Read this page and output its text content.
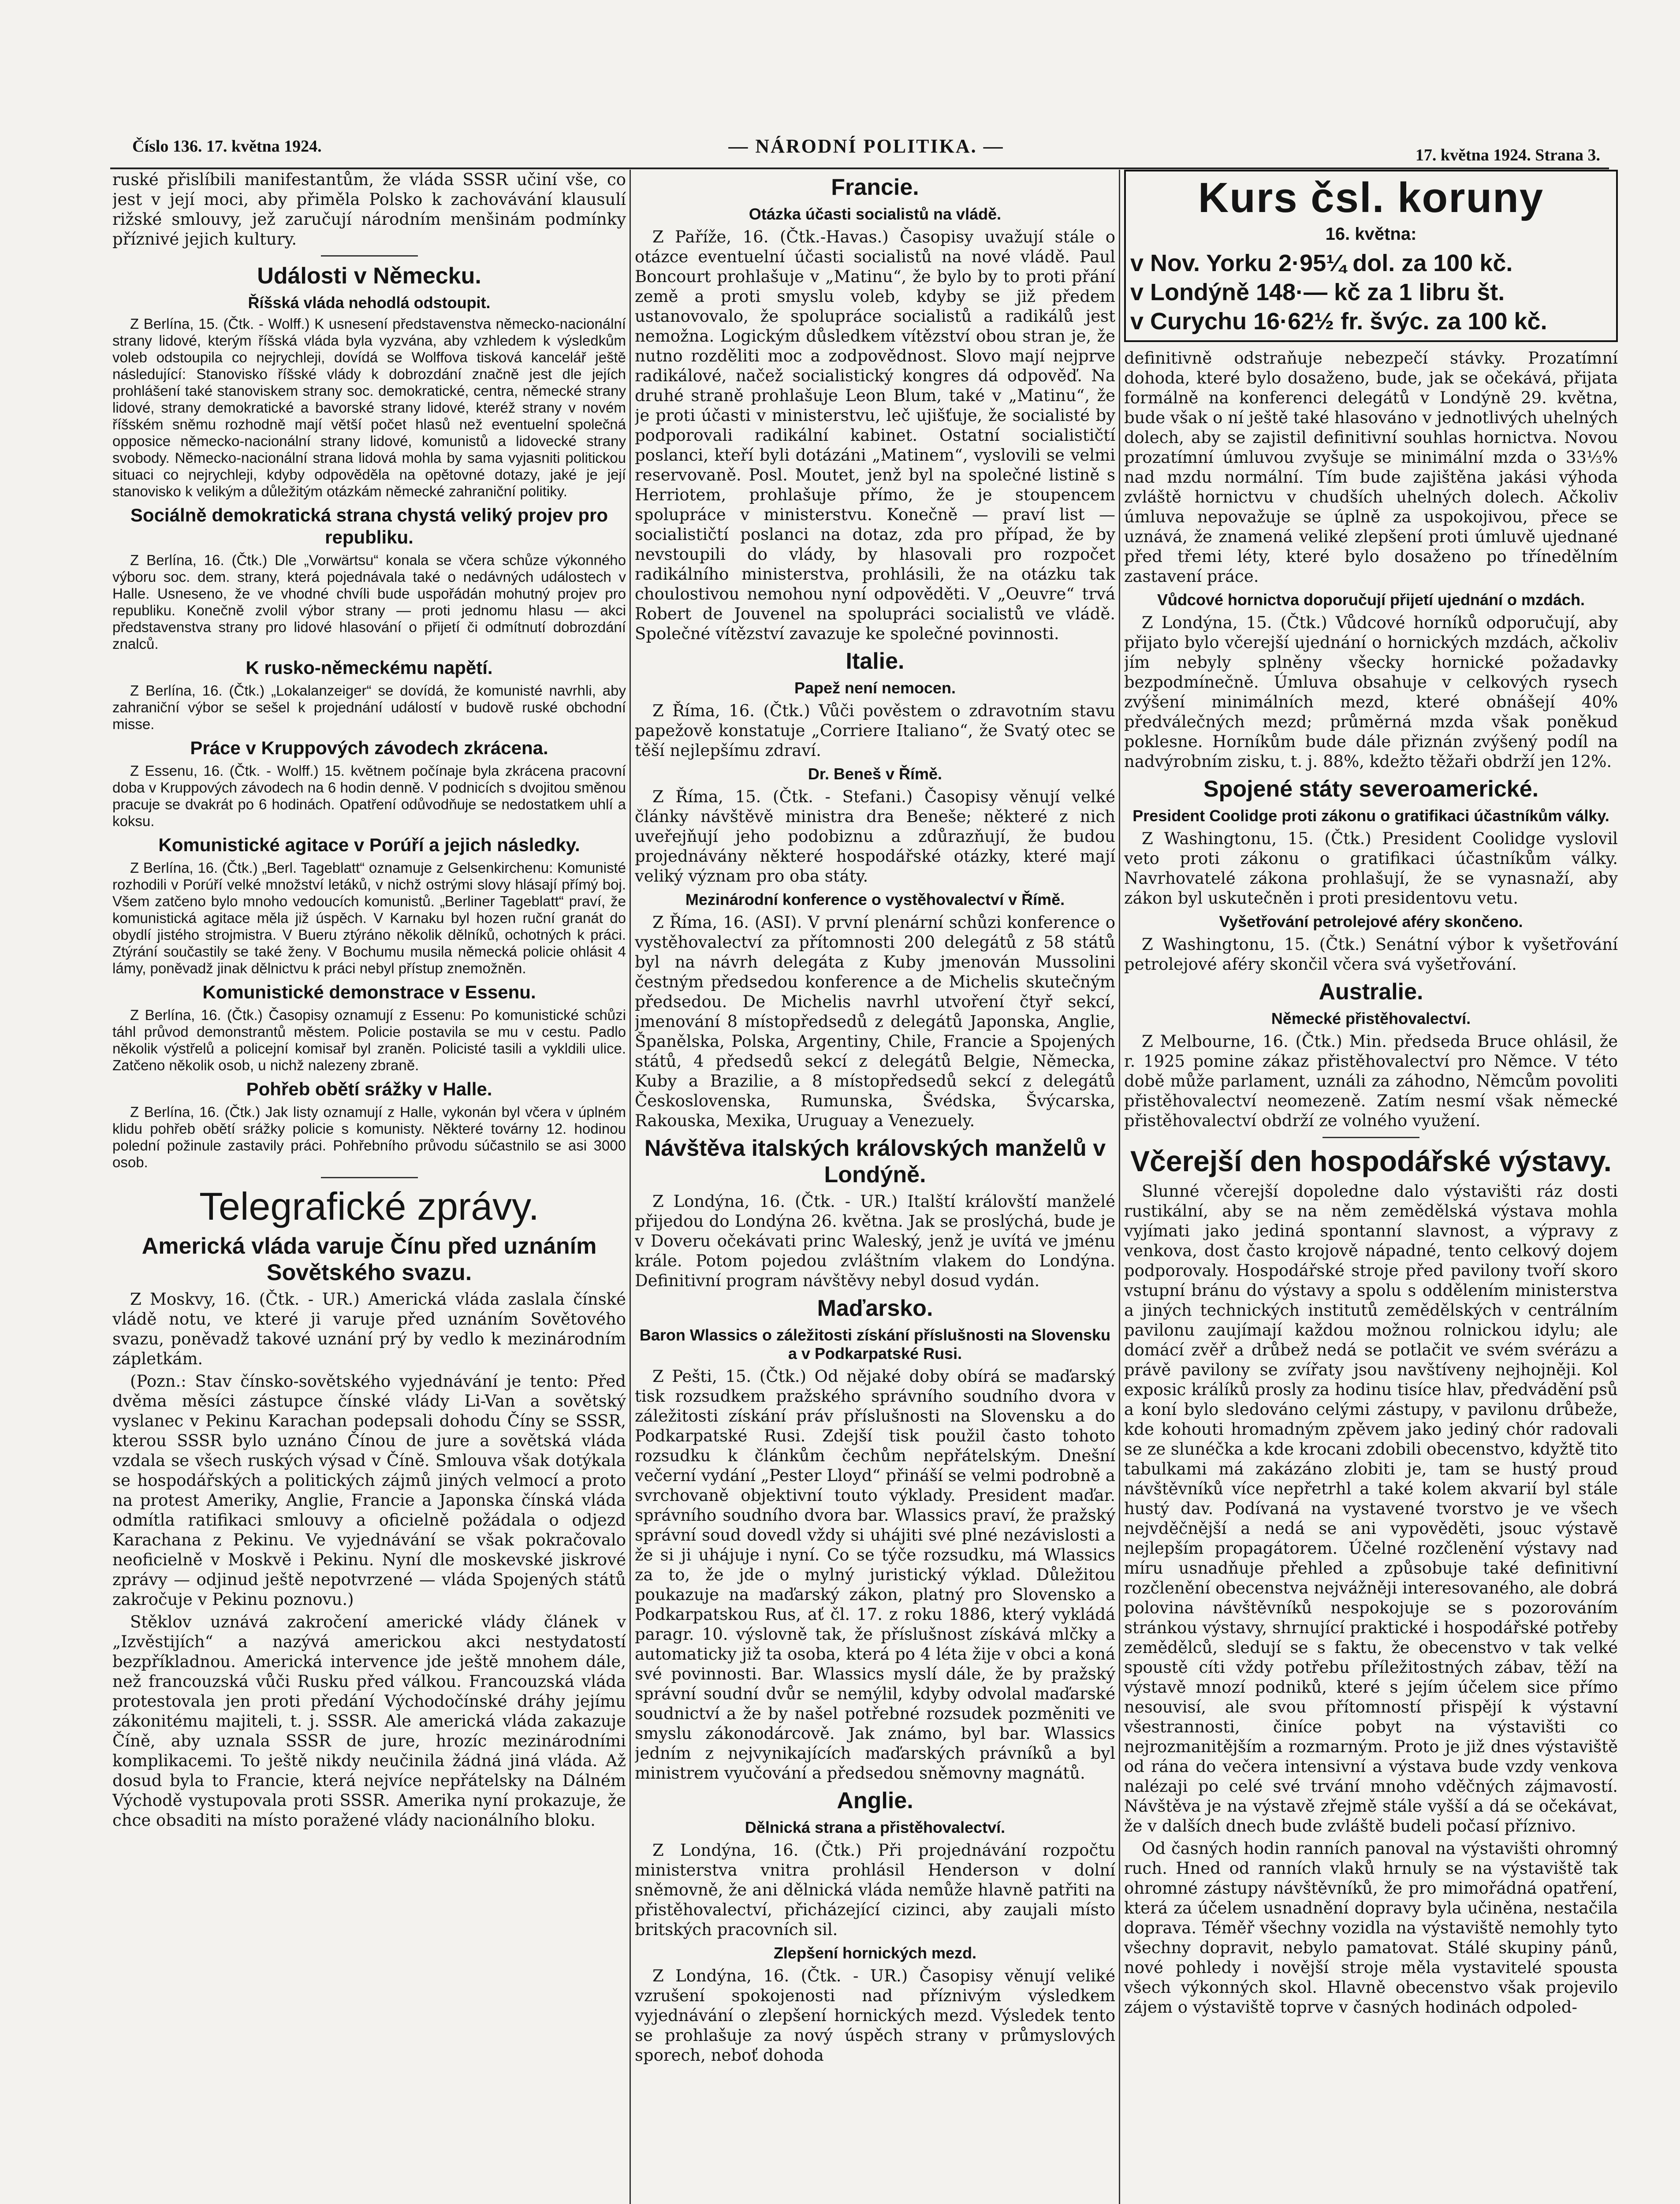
Číslo 136. 17. května 1924.	— NÁRODNÍ POLITIKA. —	17. května 1924. Strana 3.

ruské přislíbili manifestantům, že vláda SSSR učiní vše, co jest v její moci, aby přiměla Polsko k zachovávání klausulí rižské smlouvy, jež zaručují národním menšinám podmínky příznivé jejich kultury.

Události v Německu.
Říšská vláda nehodlá odstoupit.

Z Berlína, 15. (Čtk. - Wolff.) K usnesení představenstva německo-nacionální strany lidové, kterým říšská vláda byla vyzvána, aby vzhledem k výsledkům voleb odstoupila co nejrychleji, dovídá se Wolffova tisková kancelář ještě následující: Stanovisko říšské vlády k dobrozdání značně jest dle jejích prohlášení také stanoviskem strany soc. demokratické, centra, německé strany lidové, strany demokratické a bavorské strany lidové, kteréž strany v novém říšském sněmu rozhodně mají větší počet hlasů než eventuelní společná opposice německo-nacionální strany lidové, komunistů a lidovecké strany svobody. Německo-nacionální strana lidová mohla by sama vyjasniti politickou situaci co nejrychleji, kdyby odpověděla na opětovné dotazy, jaké je její stanovisko k velikým a důležitým otázkám německé zahraniční politiky.

Sociálně demokratická strana chystá veliký projev pro republiku.

Z Berlína, 16. (Čtk.) Dle „Vorwärtsu“ konala se včera schůze výkonného výboru soc. dem. strany, která pojednávala také o nedávných událostech v Halle. Usneseno, že ve vhodné chvíli bude uspořádán mohutný projev pro republiku. Konečně zvolil výbor strany — proti jednomu hlasu — akci představenstva strany pro lidové hlasování o přijetí či odmítnutí dobrozdání znalců.

K rusko-německému napětí.

Z Berlína, 16. (Čtk.) „Lokalanzeiger“ se dovídá, že komunisté navrhli, aby zahraniční výbor se sešel k projednání událostí v budově ruské obchodní misse.

Práce v Kruppových závodech zkrácena.

Z Essenu, 16. (Čtk. - Wolff.) 15. květnem počínaje byla zkrácena pracovní doba v Kruppových závodech na 6 hodin denně. V podnicích s dvojitou směnou pracuje se dvakrát po 6 hodinách. Opatření odůvodňuje se nedostatkem uhlí a koksu.

Komunistické agitace v Porúří a jejich následky.

Z Berlína, 16. (Čtk.) „Berl. Tageblatt“ oznamuje z Gelsenkirchenu: Komunisté rozhodili v Porúří velké množství letáků, v nichž ostrými slovy hlásají přímý boj. Všem zatčeno bylo mnoho vedoucích komunistů. „Berliner Tageblatt“ praví, že komunistická agitace měla již úspěch. V Karnaku byl hozen ruční granát do obydlí jistého strojmistra. V Bueru ztýráno několik dělníků, ochotných k práci. Ztýrání součastily se také ženy. V Bochumu musila německá policie ohlásit 4 lámy, poněvadž jinak dělnictvu k práci nebyl přístup znemožněn.

Komunistické demonstrace v Essenu.

Z Berlína, 16. (Čtk.) Časopisy oznamují z Essenu: Po komunistické schůzi táhl průvod demonstrantů městem. Policie postavila se mu v cestu. Padlo několik výstřelů a policejní komisař byl zraněn. Policisté tasili a vykldili ulice. Zatčeno několik osob, u nichž nalezeny zbraně.

Pohřeb obětí srážky v Halle.

Z Berlína, 16. (Čtk.) Jak listy oznamují z Halle, vykonán byl včera v úplném klidu pohřeb obětí srážky policie s komunisty. Některé továrny 12. hodinou polední požinule zastavily práci. Pohřebního průvodu súčastnilo se asi 3000 osob.

Telegrafické zprávy.
Americká vláda varuje Čínu před uznáním Sovětského svazu.

Z Moskvy, 16. (Čtk. - UR.) Americká vláda zaslala čínské vládě notu, ve které ji varuje před uznáním Sovětového svazu, poněvadž takové uznání prý by vedlo k mezinárodním zápletkám.

(Pozn.: Stav čínsko-sovětského vyjednávání je tento: Před dvěma měsíci zástupce čínské vlády Li-Van a sovětský vyslanec v Pekinu Karachan podepsali dohodu Číny se SSSR, kterou SSSR bylo uznáno Čínou de jure a sovětská vláda vzdala se všech ruských výsad v Číně. Smlouva však dotýkala se hospodářských a politických zájmů jiných velmocí a proto na protest Ameriky, Anglie, Francie a Japonska čínská vláda odmítla ratifikaci smlouvy a oficielně požádala o odjezd Karachana z Pekinu. Ve vyjednávání se však pokračovalo neoficielně v Moskvě i Pekinu. Nyní dle moskevské jiskrové zprávy — odjinud ještě nepotvrzené — vláda Spojených států zakročuje v Pekinu poznovu.)

Stěklov uznává zakročení americké vlády článek v „Izvěstijích“ a nazývá americkou akci nestydatostí bezpříkladnou. Americká intervence jde ještě mnohem dále, než francouzská vůči Rusku před válkou. Francouzská vláda protestovala jen proti předání Východočínské dráhy jejímu zákonitému majiteli, t. j. SSSR. Ale americká vláda zakazuje Číně, aby uznala SSSR de jure, hrozíc mezinárodními komplikacemi. To ještě nikdy neučinila žádná jiná vláda. Až dosud byla to Francie, která nejvíce nepřátelsky na Dálném Východě vystupovala proti SSSR. Amerika nyní prokazuje, že chce obsaditi na místo poražené vlády nacionálního bloku.

Francie.
Otázka účasti socialistů na vládě.

Z Paříže, 16. (Čtk.-Havas.) Časopisy uvažují stále o otázce eventuelní účasti socialistů na nové vládě. Paul Boncourt prohlašuje v „Matinu“, že bylo by to proti přání země a proti smyslu voleb, kdyby se již předem ustanovovalo, že spolupráce socialistů a radikálů jest nemožna. Logickým důsledkem vítězství obou stran je, že nutno rozděliti moc a zodpovědnost. Slovo mají nejprve radikálové, načež socialistický kongres dá odpověď. Na druhé straně prohlašuje Leon Blum, také v „Matinu“, že je proti účasti v ministerstvu, leč ujišťuje, že socialisté by podporovali radikální kabinet. Ostatní socialističtí poslanci, kteří byli dotázáni „Matinem“, vyslovili se velmi reservovaně. Posl. Moutet, jenž byl na společné listině s Herriotem, prohlašuje přímo, že je stoupencem spolupráce v ministerstvu. Konečně — praví list — socialističtí poslanci na dotaz, zda pro případ, že by nevstoupili do vlády, by hlasovali pro rozpočet radikálního ministerstva, prohlásili, že na otázku tak choulostivou nemohou nyní odpověděti. V „Oeuvre“ trvá Robert de Jouvenel na spolupráci socialistů ve vládě. Společné vítězství zavazuje ke společné povinnosti.

Italie.
Papež není nemocen.

Z Říma, 16. (Čtk.) Vůči pověstem o zdravotním stavu papežově konstatuje „Corriere Italiano“, že Svatý otec se těší nejlepšímu zdraví.

Dr. Beneš v Římě.

Z Říma, 15. (Čtk. - Stefani.) Časopisy věnují velké články návštěvě ministra dra Beneše; některé z nich uveřejňují jeho podobiznu a zdůrazňují, že budou projednávány některé hospodářské otázky, které mají veliký význam pro oba státy.

Mezinárodní konference o vystěhovalectví v Římě.

Z Říma, 16. (ASI). V první plenární schůzi konference o vystěhovalectví za přítomnosti 200 delegátů z 58 států byl na návrh delegáta z Kuby jmenován Mussolini čestným předsedou konference a de Michelis skutečným předsedou. De Michelis navrhl utvoření čtyř sekcí, jmenování 8 místopředsedů z delegátů Japonska, Anglie, Španělska, Polska, Argentiny, Chile, Francie a Spojených států, 4 předsedů sekcí z delegátů Belgie, Německa, Kuby a Brazilie, a 8 místopředsedů sekcí z delegátů Československa, Rumunska, Švédska, Švýcarska, Rakouska, Mexika, Uruguay a Venezuely.

Návštěva italských královských manželů v Londýně.

Z Londýna, 16. (Čtk. - UR.) Italští královští manželé přijedou do Londýna 26. května. Jak se proslýchá, bude je v Doveru očekávati princ Waleský, jenž je uvítá ve jménu krále. Potom pojedou zvláštním vlakem do Londýna. Definitivní program návštěvy nebyl dosud vydán.

Maďarsko.
Baron Wlassics o záležitosti získání příslušnosti na Slovensku a v Podkarpatské Rusi.

Z Pešti, 15. (Čtk.) Od nějaké doby obírá se maďarský tisk rozsudkem pražského správního soudního dvora v záležitosti získání práv příslušnosti na Slovensku a do Podkarpatské Rusi. Zdejší tisk použil často tohoto rozsudku k článkům čechům nepřátelským. Dnešní večerní vydání „Pester Lloyd“ přináší se velmi podrobně a svrchovaně objektivní touto výklady. President maďar. správního soudního dvora bar. Wlassics praví, že pražský správní soud dovedl vždy si uhájiti své plné nezávislosti a že si ji uhájuje i nyní. Co se týče rozsudku, má Wlassics za to, že jde o mylný juristický výklad. Důležitou poukazuje na maďarský zákon, platný pro Slovensko a Podkarpatskou Rus, ať čl. 17. z roku 1886, který vykládá paragr. 10. výslovně tak, že příslušnost získává mlčky a automaticky již ta osoba, která po 4 léta žije v obci a koná své povinnosti. Bar. Wlassics myslí dále, že by pražský správní soudní dvůr se nemýlil, kdyby odvolal maďarské soudnictví a že by našel potřebné rozsudek pozměniti ve smyslu zákonodárcově. Jak známo, byl bar. Wlassics jedním z nejvynikajících maďarských právníků a byl ministrem vyučování a předsedou sněmovny magnátů.

Anglie.
Dělnická strana a přistěhovalectví.

Z Londýna, 16. (Čtk.) Při projednávání rozpočtu ministerstva vnitra prohlásil Henderson v dolní sněmovně, že ani dělnická vláda nemůže hlavně patřiti na přistěhovalectví, přicházející cizinci, aby zaujali místo britských pracovních sil.

Zlepšení hornických mezd.

Z Londýna, 16. (Čtk. - UR.) Časopisy věnují veliké vzrušení spokojenosti nad příznivým výsledkem vyjednávání o zlepšení hornických mezd. Výsledek tento se prohlašuje za nový úspěch strany v průmyslových sporech, neboť dohoda

Kurs čsl. koruny
16. května:
v Nov. Yorku 2·95¼ dol. za 100 kč.
v Londýně 148·— kč za 1 libru št.
v Curychu 16·62½ fr. švýc. za 100 kč.

definitivně odstraňuje nebezpečí stávky. Prozatímní dohoda, které bylo dosaženo, bude, jak se očekává, přijata formálně na konferenci delegátů v Londýně 29. května, bude však o ní ještě také hlasováno v jednotlivých uhelných dolech, aby se zajistil definitivní souhlas hornictva. Novou prozatímní úmluvou zvyšuje se minimální mzda o 33⅓% nad mzdu normální. Tím bude zajištěna jakási výhoda zvláště hornictvu v chudších uhelných dolech. Ačkoliv úmluva nepovažuje se úplně za uspokojivou, přece se uznává, že znamená veliké zlepšení proti úmluvě ujednané před třemi léty, které bylo dosaženo po třínedělním zastavení práce.

Vůdcové hornictva doporučují přijetí ujednání o mzdách.

Z Londýna, 15. (Čtk.) Vůdcové horníků odporučují, aby přijato bylo včerejší ujednání o hornických mzdách, ačkoliv jím nebyly splněny všecky hornické požadavky bezpodmínečně. Úmluva obsahuje v celkových rysech zvýšení minimálních mezd, které obnášejí 40% předválečných mezd; průměrná mzda však poněkud poklesne. Horníkům bude dále přiznán zvýšený podíl na nadvýrobním zisku, t. j. 88%, kdežto těžaři obdrží jen 12%.

Spojené státy severoamerické.
President Coolidge proti zákonu o gratifikaci účastníkům války.

Z Washingtonu, 15. (Čtk.) President Coolidge vyslovil veto proti zákonu o gratifikaci účastníkům války. Navrhovatelé zákona prohlašují, že se vynasnaží, aby zákon byl uskutečněn i proti presidentovu vetu.

Vyšetřování petrolejové aféry skončeno.

Z Washingtonu, 15. (Čtk.) Senátní výbor k vyšetřování petrolejové aféry skončil včera svá vyšetřování.

Australie.
Německé přistěhovalectví.

Z Melbourne, 16. (Čtk.) Min. předseda Bruce ohlásil, že r. 1925 pomine zákaz přistěhovalectví pro Němce. V této době může parlament, uználi za záhodno, Němcům povoliti přistěhovalectví neomezeně. Zatím nesmí však německé přistěhovalectví obdrží ze volného využení.

Včerejší den hospodářské výstavy.

Slunné včerejší dopoledne dalo výstavišti ráz dosti rustikální, aby se na něm zemědělská výstava mohla vyjímati jako jediná spontanní slavnost, a výpravy z venkova, dost často krojově nápadné, tento celkový dojem podporovaly. Hospodářské stroje před pavilony tvoří skoro vstupní bránu do výstavy a spolu s oddělením ministerstva a jiných technických institutů zemědělských v centrálním pavilonu zaujímají každou možnou rolnickou idylu; ale domácí zvěř a drůbež nedá se potlačit ve svém svérázu a právě pavilony se zvířaty jsou navštíveny nejhojněji. Kol exposic králíků prosly za hodinu tisíce hlav, předvádění psů a koní bylo sledováno celými zástupy, v pavilonu drůbeže, kde kohouti hromadným zpěvem jako jediný chór radovali se ze slunéčka a kde krocani zdobili obecenstvo, kdyžtě tito tabulkami má zakázáno zlobiti je, tam se hustý proud návštěvníků více nepřetrhl a také kolem akvarií byl stále hustý dav. Podívaná na vystavené tvorstvo je ve všech nejvděčnější a nedá se ani vypověděti, jsouc výstavě nejlepším propagátorem. Účelné rozčlenění výstavy nad míru usnadňuje přehled a způsobuje také definitivní rozčlenění obecenstva nejvážněji interesovaného, ale dobrá polovina návštěvníků nespokojuje se s pozorováním stránkou výstavy, shrnující praktické i hospodářské potřeby zemědělců, sledují se s faktu, že obecenstvo v tak velké spoustě cíti vždy potřebu příležitostných zábav, těží na výstavě mnozí podniků, které s jejím účelem sice přímo nesouvisí, ale svou přítomností přispějí k výstavní všestrannosti, činíce pobyt na výstavišti co nejrozmanitějším a rozmarným. Proto je již dnes výstaviště od rána do večera intensivní a výstava bude vzdy venkova nalézaji po celé své trvání mnoho vděčných zájmavostí. Návštěva je na výstavě zřejmě stále vyšší a dá se očekávat, že v dalších dnech bude zvláště budeli počasí příznivo.

Od časných hodin ranních panoval na výstavišti ohromný ruch. Hned od ranních vlaků hrnuly se na výstaviště tak ohromné zástupy návštěvníků, že pro mimořádná opatření, která za účelem usnadnění dopravy byla učiněna, nestačila doprava. Téměř všechny vozidla na výstaviště nemohly tyto všechny dopravit, nebylo pamatovat. Stálé skupiny pánů, nové pohledy i novější stroje měla vystavitelé spousta všech výkonných skol. Hlavně obecenstvo však projevilo zájem o výstaviště toprve v časných hodinách odpoled-
